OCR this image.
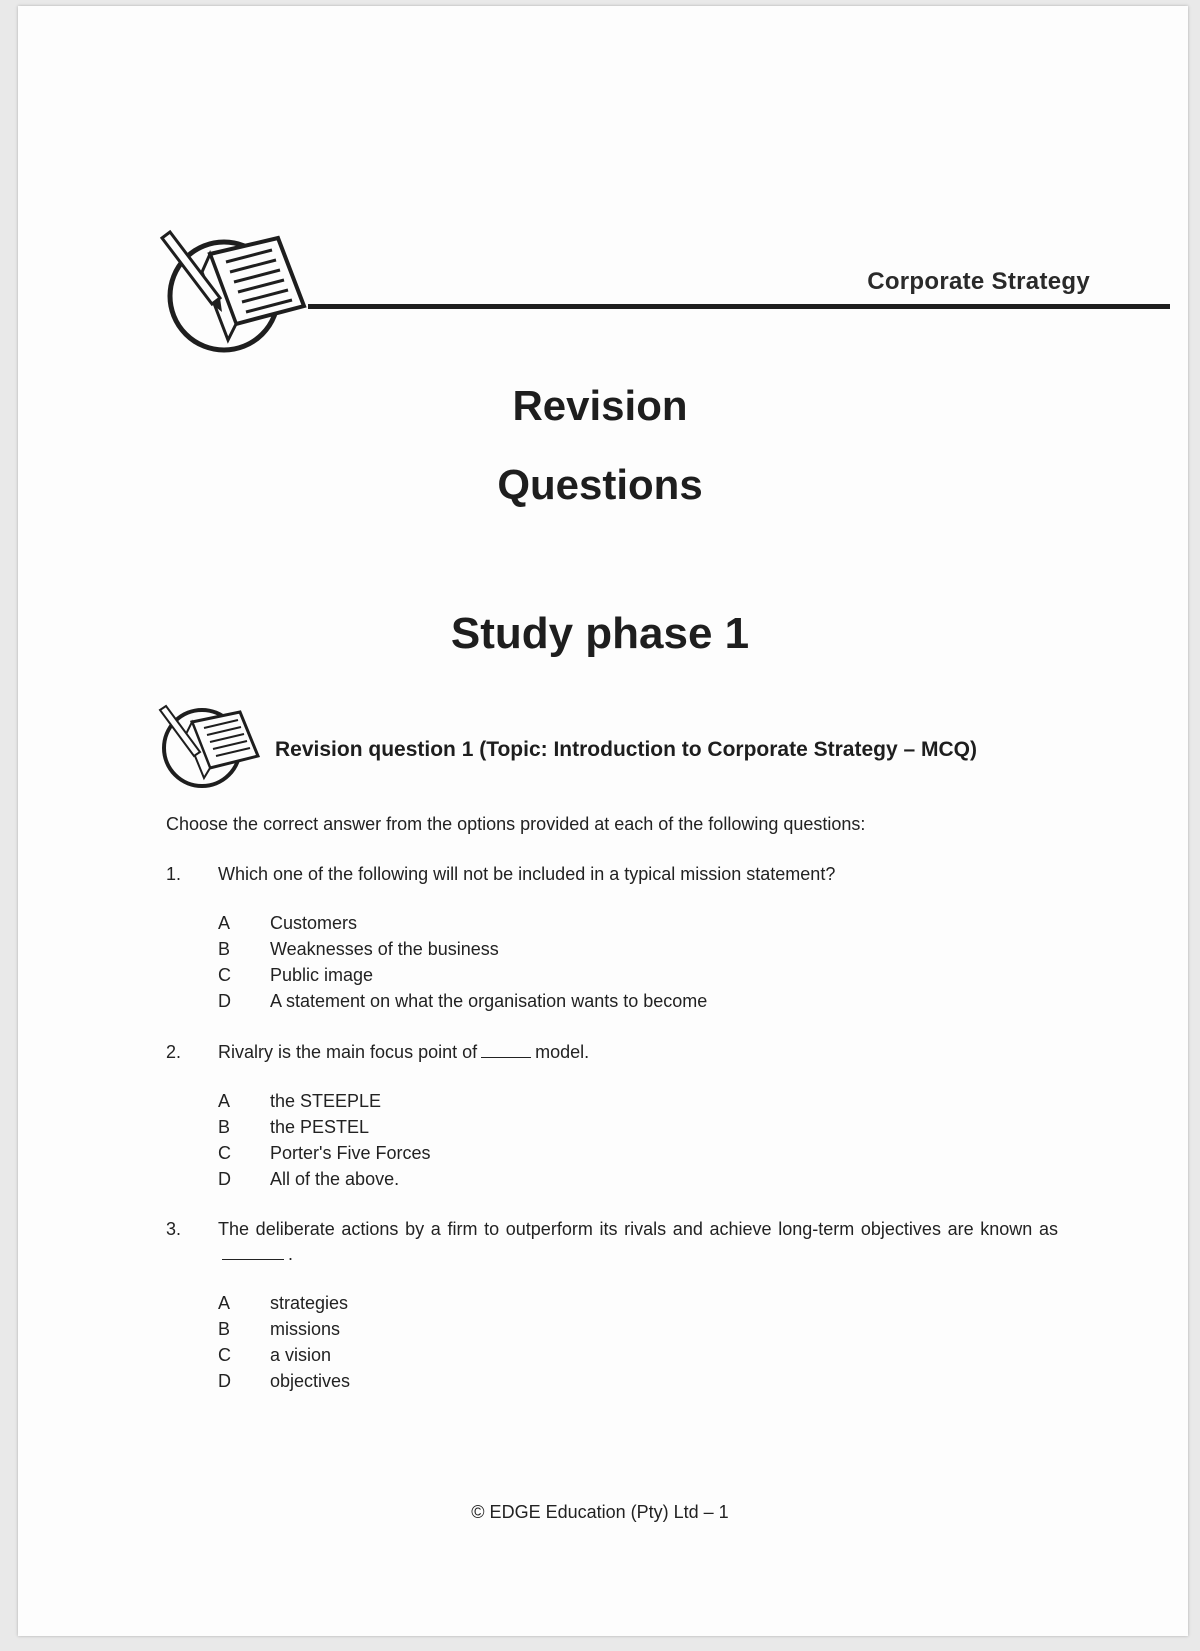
Corporate Strategy
Revision
Questions
Study phase 1
Revision question 1 (Topic: Introduction to Corporate Strategy – MCQ)
Choose the correct answer from the options provided at each of the following questions:
1. Which one of the following will not be included in a typical mission statement?
A Customers
B Weaknesses of the business
C Public image
D A statement on what the organisation wants to become
2. Rivalry is the main focus point of	model.
A the STEEPLE
B the PESTEL
C Porter's Five Forces
D All of the above.
3. The deliberate actions by a firm to outperform its rivals and achieve long-term objectives are known as.
A strategies
B missions
C a vision
D objectives
© EDGE Education (Pty) Ltd – 1
